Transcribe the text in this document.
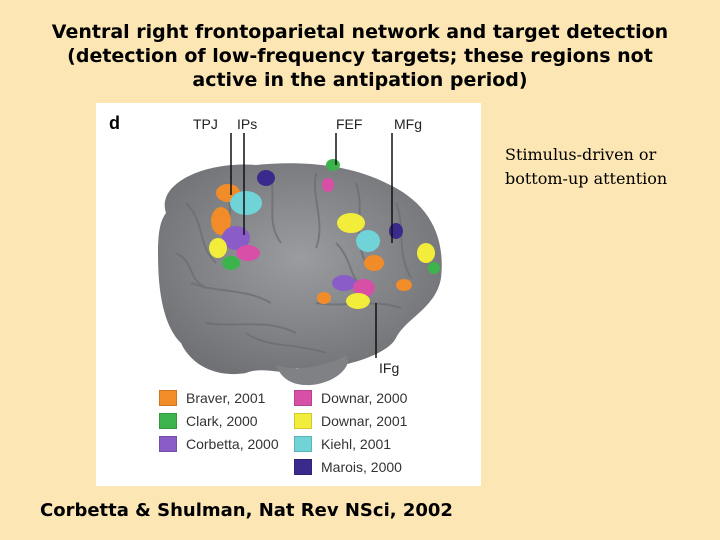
Ventral right frontoparietal network and target detection
(detection of low-frequency targets; these regions not
active in the antipation period)
d	TPJ IPs	FEF MFg
IFg
Braver, 2001
Clark, 2000
Corbetta, 2000
Downar, 2000
Downar, 2001
Kiehl, 2001
Marois, 2000
Stimulus-driven or
bottom-up attention
Corbetta & Shulman, Nat Rev NSci, 2002
